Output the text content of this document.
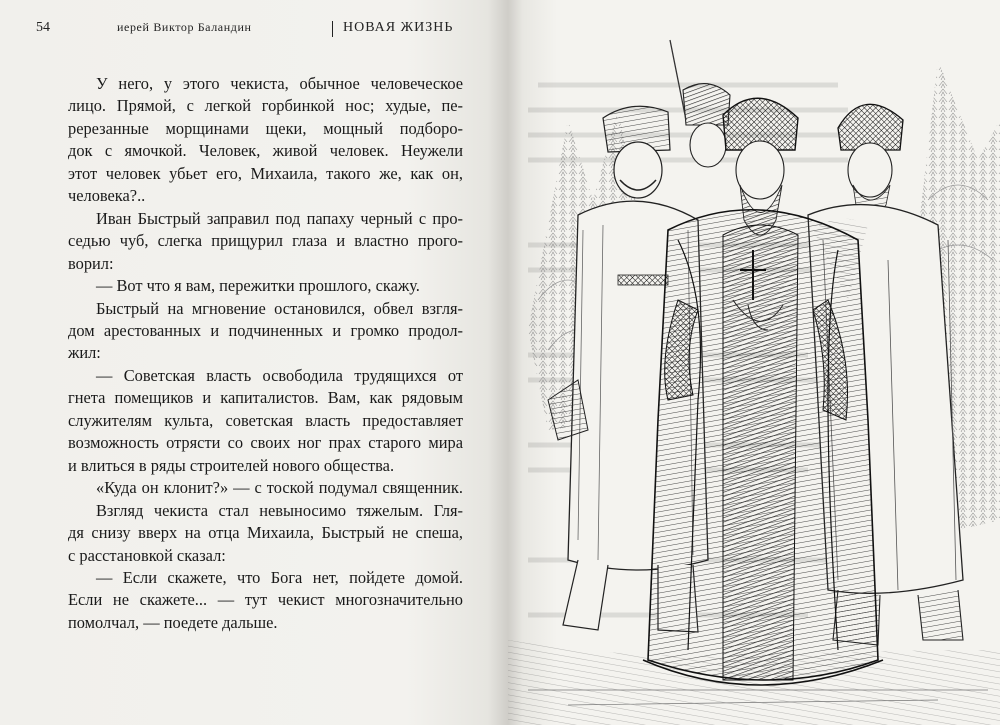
54	иерей Виктор Баландин	НОВАЯ ЖИЗНЬ
У него, у этого чекиста, обычное человеческое
лицо. Прямой, с легкой горбинкой нос; худые, пе-
ререзанные морщинами щеки, мощный подборо-
док с ямочкой. Человек, живой человек. Неужели
этот человек убьет его, Михаила, такого же, как он,
человека?..
Иван Быстрый заправил под папаху черный с про-
седью чуб, слегка прищурил глаза и властно прого-
ворил:
— Вот что я вам, пережитки прошлого, скажу.
Быстрый на мгновение остановился, обвел взгля-
дом арестованных и подчиненных и громко продол-
жил:
— Советская власть освободила трудящихся от
гнета помещиков и капиталистов. Вам, как рядовым
служителям культа, советская власть предоставляет
возможность отрясти со своих ног прах старого мира
и влиться в ряды строителей нового общества.
«Куда он клонит?» — с тоской подумал священник.
Взгляд чекиста стал невыносимо тяжелым. Гля-
дя снизу вверх на отца Михаила, Быстрый не спеша,
с расстановкой сказал:
— Если скажете, что Бога нет, пойдете домой.
Если не скажете... — тут чекист многозначительно
помолчал, — поедете дальше.
